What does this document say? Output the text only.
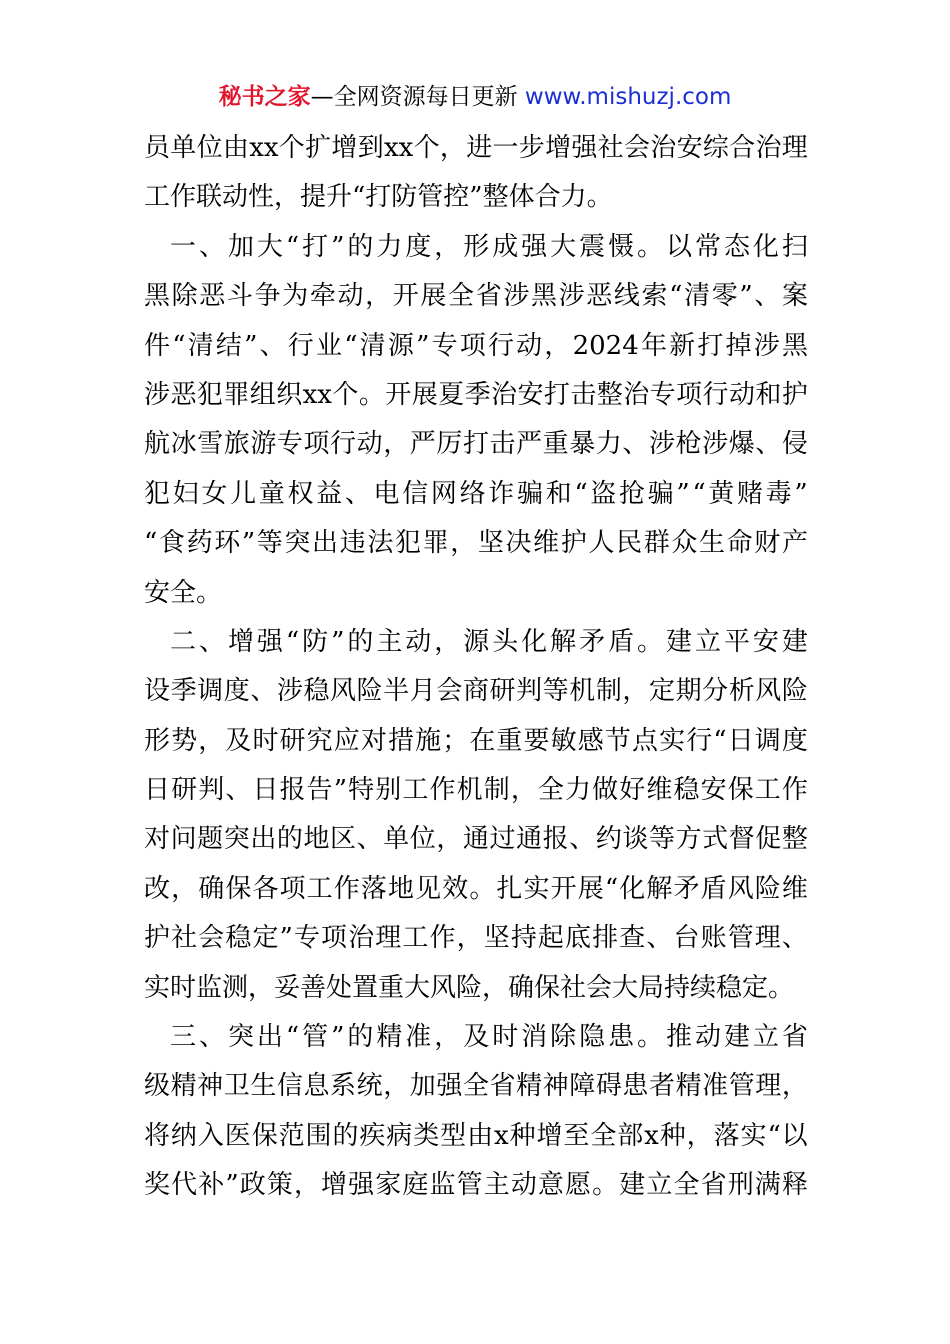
秘书之家—全网资源每日更新 www.mishuzj.com
员 单 位 由 xx 个 扩 增 到 xx 个 ， 进 一 步 增 强 社 会 治 安 综 合 治 理
工作联动性，提升“打防管控”整体合力。
 一 、 加 大 “ 打 ” 的 力 度 ， 形 成 强 大 震 慑 。 以 常 态 化 扫
黑 除 恶 斗 争 为 牵 动 ， 开 展 全 省 涉 黑 涉 恶 线 索 “ 清 零 ” 、 案
件 “ 清 结 ” 、 行 业 “ 清 源 ” 专 项 行 动 ， 2024 年 新 打 掉 涉 黑
涉 恶 犯 罪 组 织 xx 个 。 开 展 夏 季 治 安 打 击 整 治 专 项 行 动 和 护
航 冰 雪 旅 游 专 项 行 动 ， 严 厉 打 击 严 重 暴 力 、 涉 枪 涉 爆 、 侵
犯 妇 女 儿 童 权 益 、 电 信 网 络 诈 骗 和 “ 盗 抢 骗 ” “ 黄 赌 毒 ”
“ 食 药 环 ” 等 突 出 违 法 犯 罪 ， 坚 决 维 护 人 民 群 众 生 命 财 产
安全。
 二 、 增 强 “ 防 ” 的 主 动 ， 源 头 化 解 矛 盾 。 建 立 平 安 建
设 季 调 度 、 涉 稳 风 险 半 月 会 商 研 判 等 机 制 ， 定 期 分 析 风 险
形 势 ， 及 时 研 究 应 对 措 施 ； 在 重 要 敏 感 节 点 实 行 “ 日 调 度
日 研 判 、 日 报 告 ” 特 别 工 作 机 制 ， 全 力 做 好 维 稳 安 保 工 作
对 问 题 突 出 的 地 区 、 单 位 ， 通 过 通 报 、 约 谈 等 方 式 督 促 整
改 ， 确 保 各 项 工 作 落 地 见 效 。 扎 实 开 展 “ 化 解 矛 盾 风 险 维
护 社 会 稳 定 ” 专 项 治 理 工 作 ， 坚 持 起 底 排 查 、 台 账 管 理 、
实时监测，妥善处置重大风险，确保社会大局持续稳定。
 三 、 突 出 “ 管 ” 的 精 准 ， 及 时 消 除 隐 患 。 推 动 建 立 省
级 精 神 卫 生 信 息 系 统 ， 加 强 全 省 精 神 障 碍 患 者 精 准 管 理 ，
将 纳 入 医 保 范 围 的 疾 病 类 型 由 x 种 增 至 全 部 x 种 ， 落 实 “ 以
奖 代 补 ” 政 策 ， 增 强 家 庭 监 管 主 动 意 愿 。 建 立 全 省 刑 满 释
